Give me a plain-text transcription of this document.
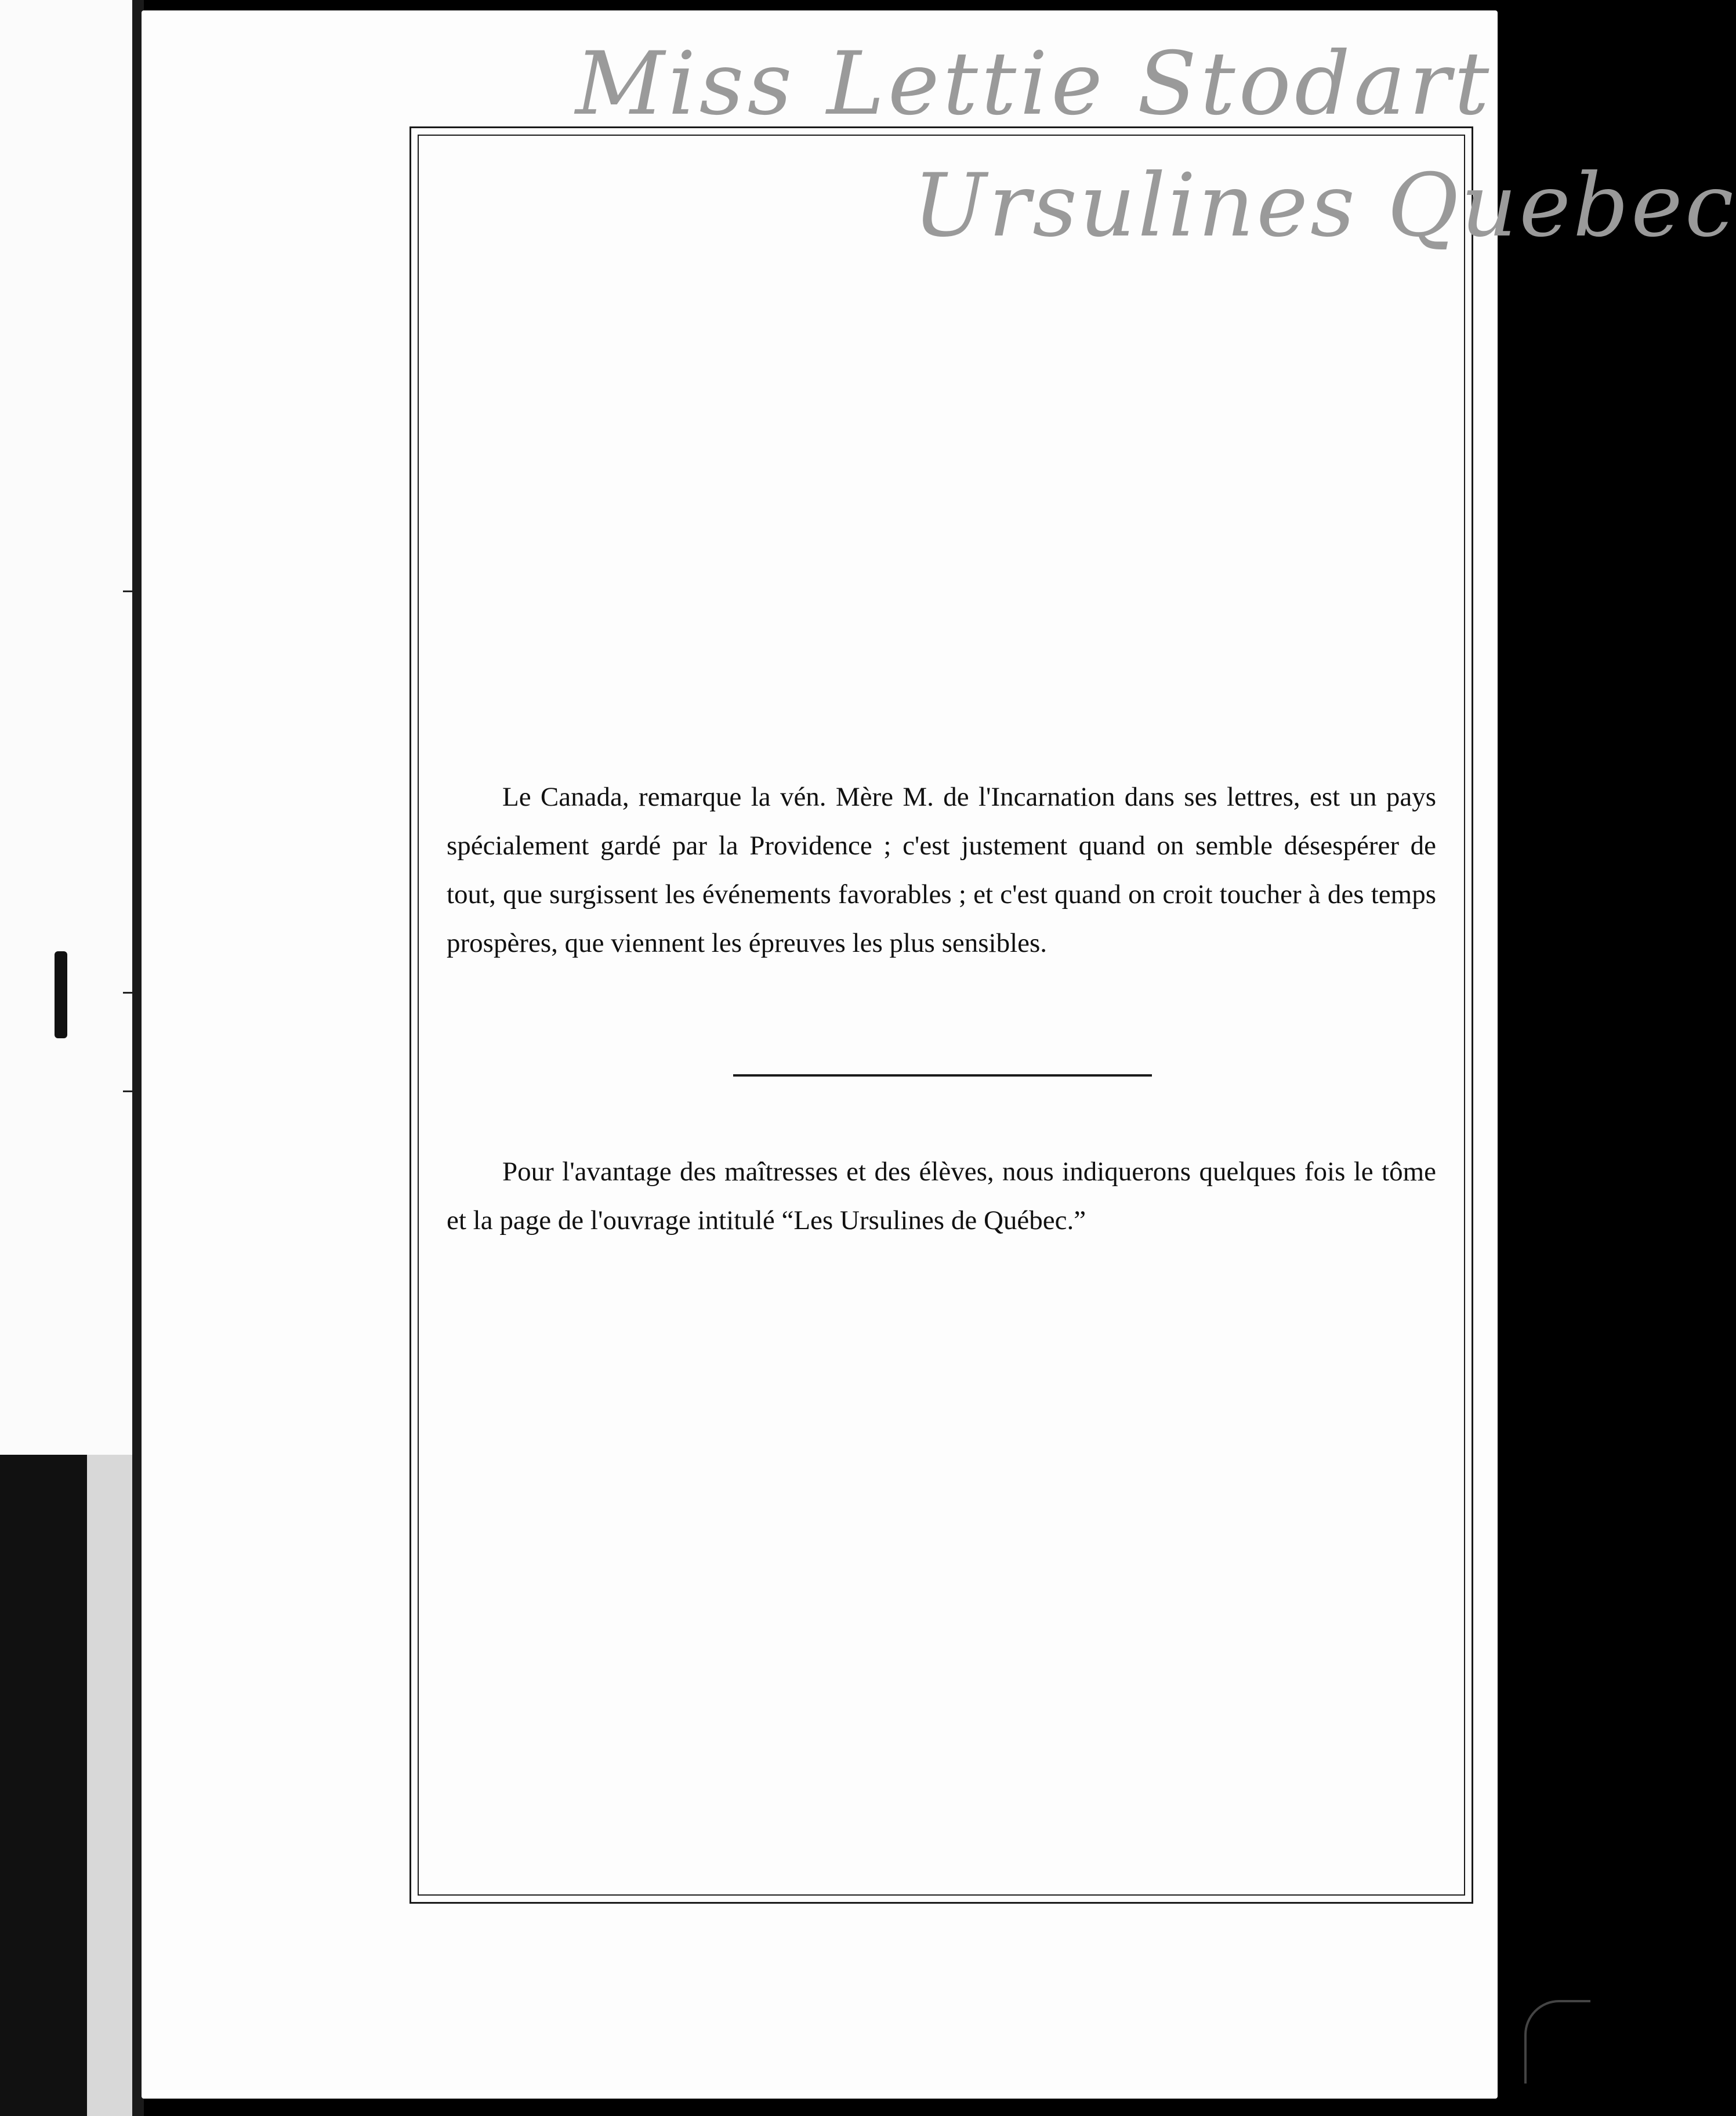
Miss Lettie Stodart
Ursulines Quebec

Le Canada, remarque la vén. Mère M. de l'Incarnation dans ses lettres, est un pays spécialement gardé par la Providence ; c'est justement quand on semble désespérer de tout, que surgissent les événements favorables ; et c'est quand on croit toucher à des temps prospères, que viennent les épreuves les plus sensibles.

Pour l'avantage des maîtresses et des élèves, nous indiquerons quelques fois le tôme et la page de l'ouvrage intitulé “Les Ursulines de Québec.”
